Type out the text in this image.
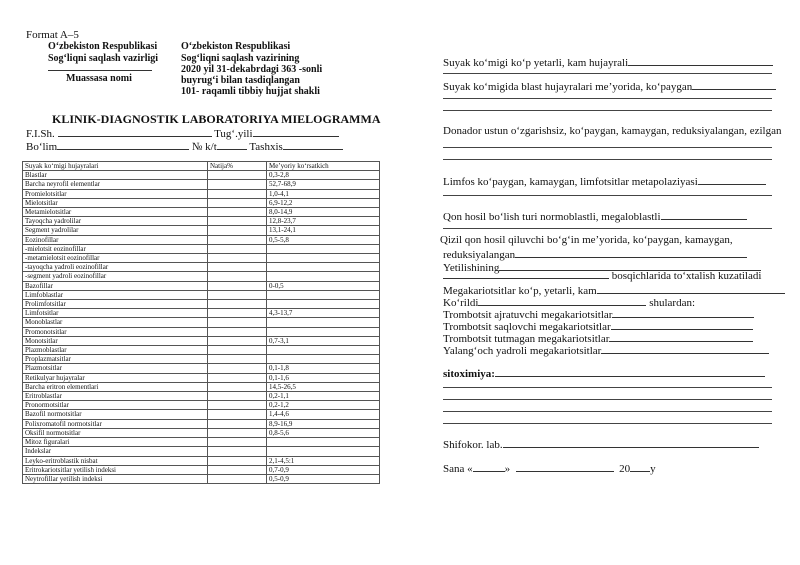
Format A–5
O‘zbekiston Respublikasi
Sog‘liqni saqlash vazirligi
Muassasa nomi
O‘zbekiston Respublikasi
Sog‘liqni saqlash vazirining
2020 yil 31-dekabrdagi 363 -sonli
buyrug‘i bilan tasdiqlangan
101- raqamli tibbiy hujjat shakli
KLINIK-DIAGNOSTIK LABORATORIYA MIELOGRAMMA
F.I.Sh.	Tug‘.yili
Bo‘lim	№ k/t	Tashxis
Suyak ko‘migi hujayralari	Natija%	Me’yoriy ko‘rsatkich
Blastlar		0,3-2,8
Barcha neyrofil elementlar		52,7-68,9
Promielotsitlar		1,0-4,1
Mielotsitlar		6,9-12,2
Metamielotsitlar		8,0-14,9
Tayoqcha yadrolilar		12,8-23,7
Segment yadrolilar		13,1-24,1
Eozinofillar		0,5-5,8
-mielotsit eozinofillar		
-metamielotsit eozinofillar		
-tayoqcha yadroli eozinofillar		
-segment yadroli eozinofillar		
Bazofillar		0-0,5
Limfoblastlar		
Prolimfotsitlar		
Limfotsitlar		4,3-13,7
Monoblastlar		
Promonotsitlar		
Monotsitlar		0,7-3,1
Plazmoblastlar		
Proplazmatsitlar		
Plazmotsitlar		0,1-1,8
Retikulyar hujayralar		0,1-1,6
Barcha eritron elementlari		14,5-26,5
Eritroblastlar		0,2-1,1
Pronormotsitlar		0,2-1,2
Bazofil normotsitlar		1,4-4,6
Polixromatofil normotsitlar		8,9-16,9
Oksifil normotsitlar		0,8-5,6
Mitoz figuralari		
Indekslar		
Leyko-eritroblastik nisbat		2,1-4,5:1
Eritrokariotsitlar yetilish indeksi		0,7-0,9
Neytrofillar yetilish indeksi		0,5-0,9
Suyak ko‘migi ko‘p yetarli, kam hujayrali
Suyak ko‘migida blast hujayralari me’yorida, ko‘paygan
Donador ustun o‘zgarishsiz, ko‘paygan, kamaygan, reduksiyalangan, ezilgan
Limfos ko‘paygan, kamaygan, limfotsitlar metapolaziyasi
Qon hosil bo‘lish turi normoblastli, megaloblastli
Qizil qon hosil qiluvchi bo‘g‘in me’yorida, ko‘paygan, kamaygan,
reduksiyalangan
Yetilishining
bosqichlarida to‘xtalish kuzatiladi
Megakariotsitlar ko‘p, yetarli, kam
Ko‘rildi	shulardan:
Trombotsit ajratuvchi megakariotsitlar
Trombotsit saqlovchi megakariotsitlar
Trombotsit tutmagan megakariotsitlar
Yalang‘och yadroli megakariotsitlar
sitoximiya:
Shifokor. lab.
Sana «	»	20 y
